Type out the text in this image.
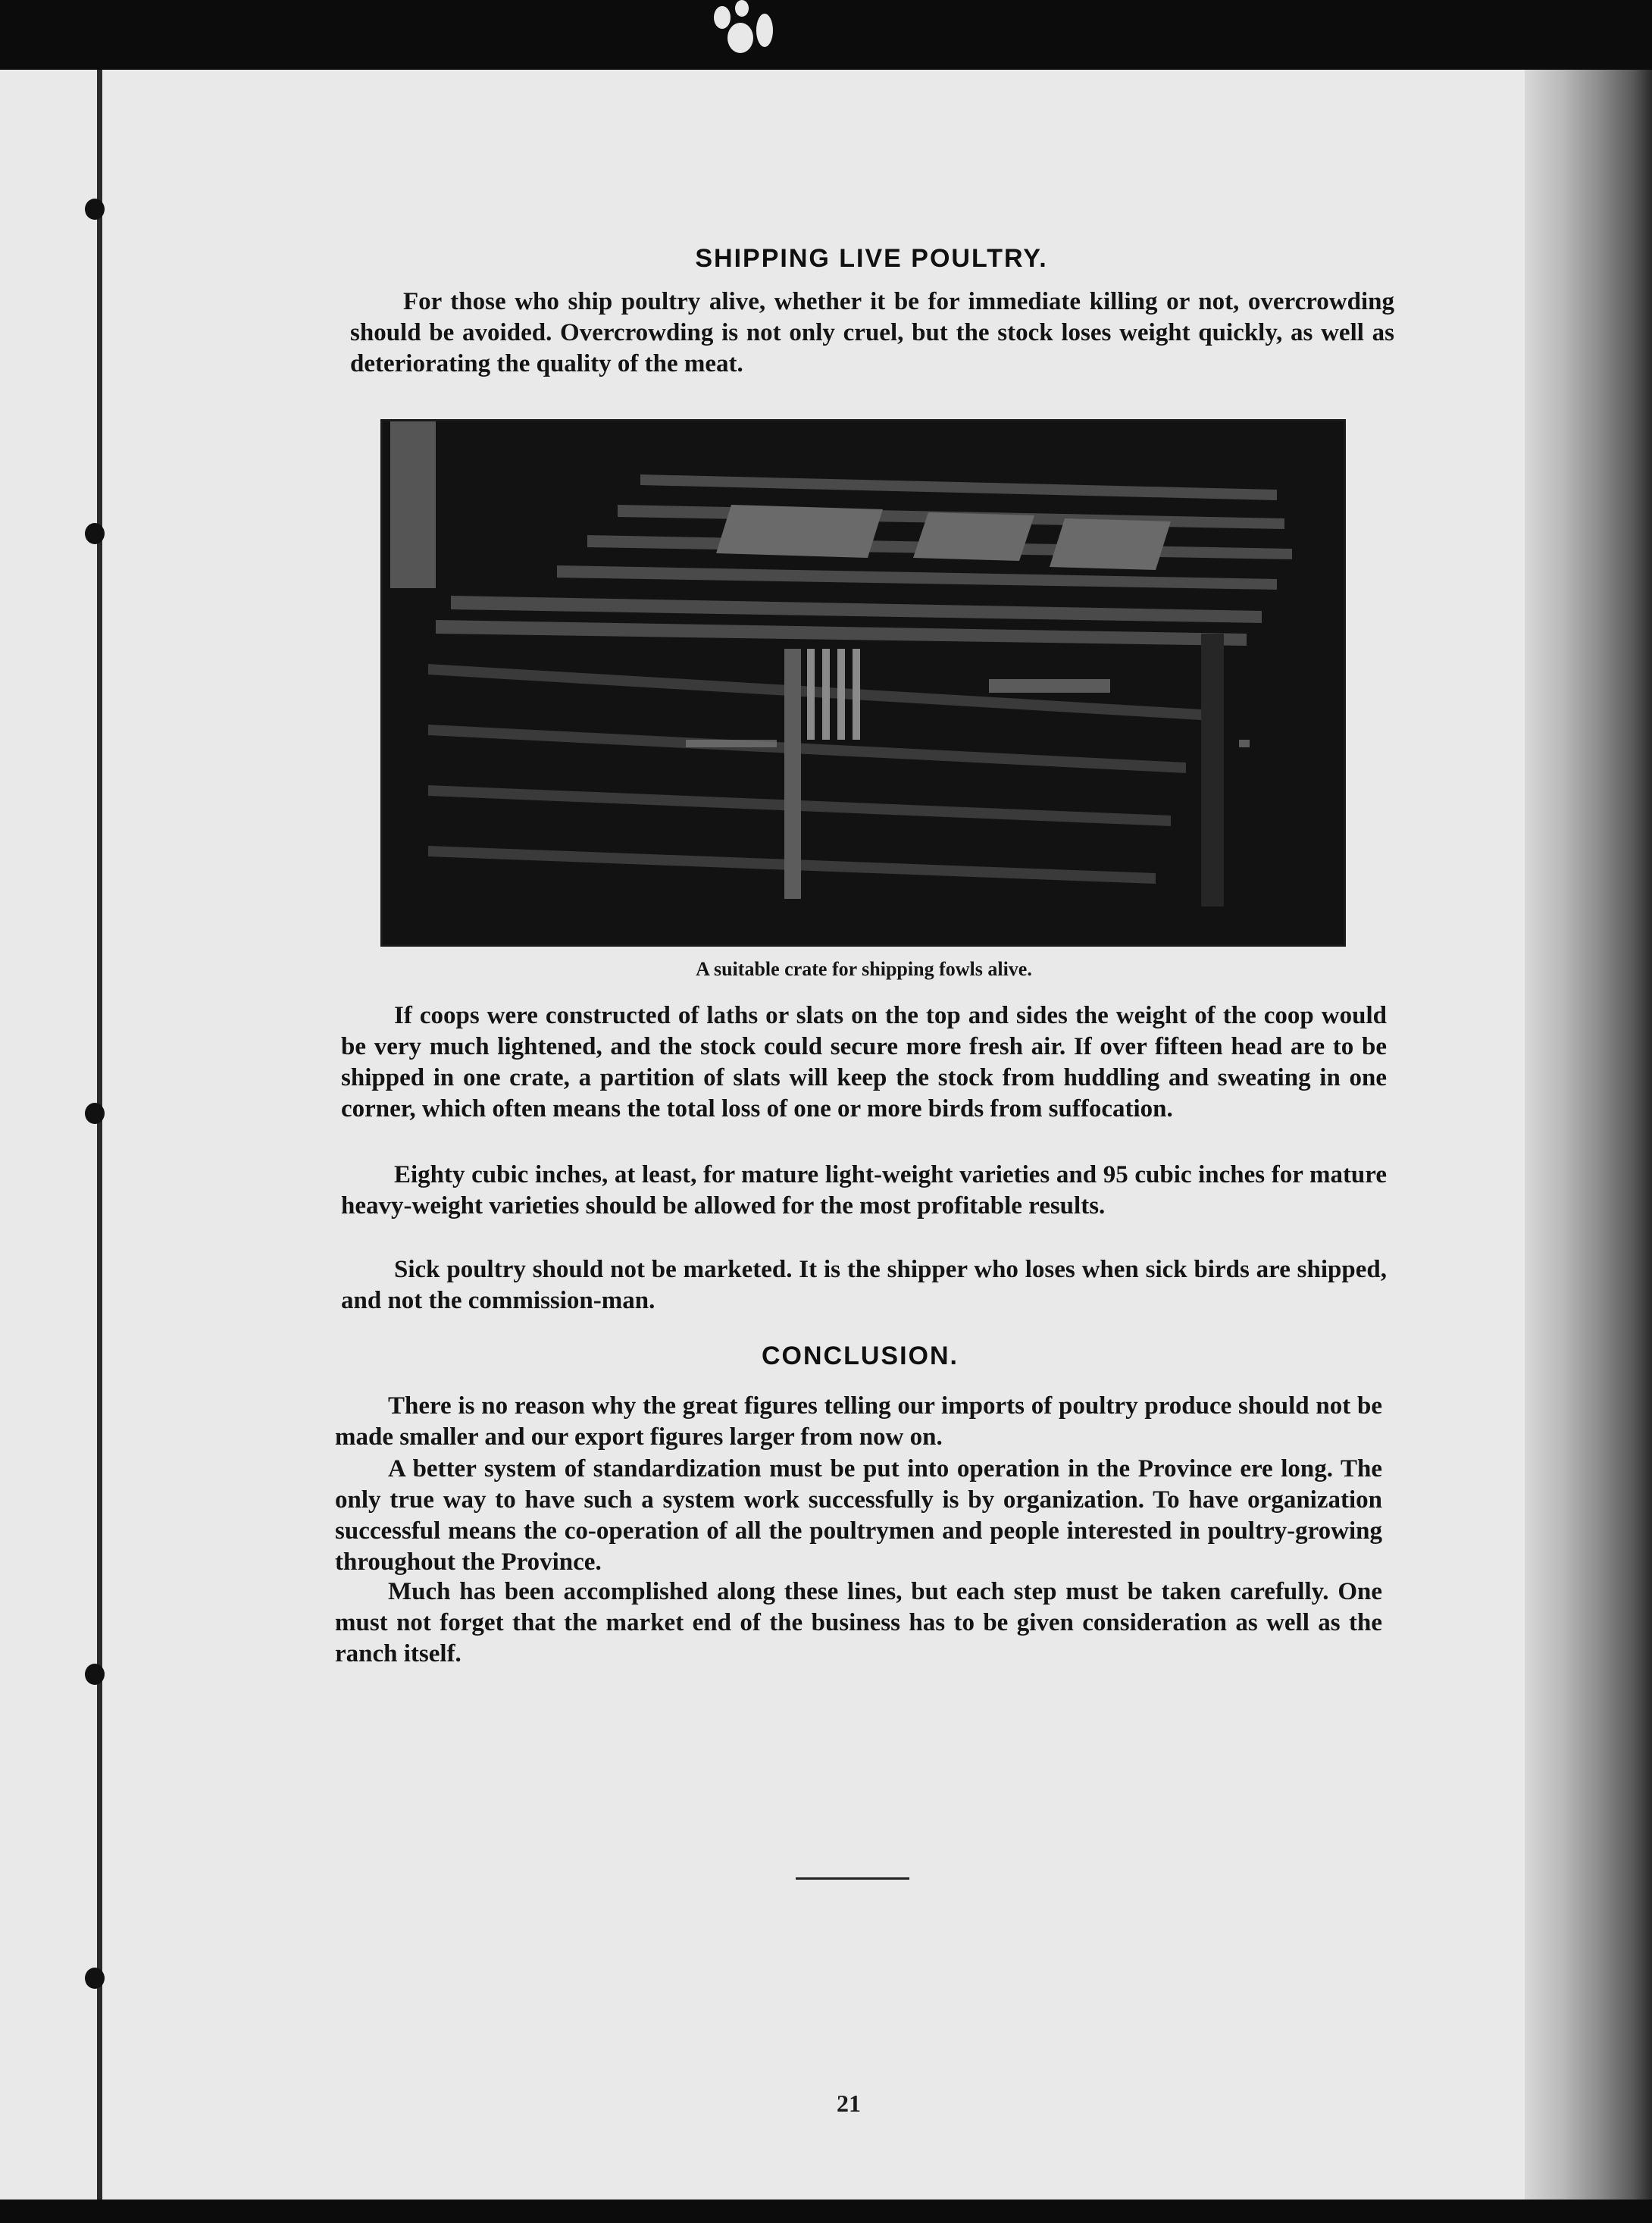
SHIPPING LIVE POULTRY.

For those who ship poultry alive, whether it be for immediate killing or not, overcrowding should be avoided. Overcrowding is not only cruel, but the stock loses weight quickly, as well as deteriorating the quality of the meat.

A suitable crate for shipping fowls alive.

If coops were constructed of laths or slats on the top and sides the weight of the coop would be very much lightened, and the stock could secure more fresh air. If over fifteen head are to be shipped in one crate, a partition of slats will keep the stock from huddling and sweating in one corner, which often means the total loss of one or more birds from suffocation.

Eighty cubic inches, at least, for mature light-weight varieties and 95 cubic inches for mature heavy-weight varieties should be allowed for the most profitable results.

Sick poultry should not be marketed. It is the shipper who loses when sick birds are shipped, and not the commission-man.

CONCLUSION.

There is no reason why the great figures telling our imports of poultry produce should not be made smaller and our export figures larger from now on.

A better system of standardization must be put into operation in the Province ere long. The only true way to have such a system work successfully is by organization. To have organization successful means the co-operation of all the poultrymen and people interested in poultry-growing throughout the Province.

Much has been accomplished along these lines, but each step must be taken carefully. One must not forget that the market end of the business has to be given consideration as well as the ranch itself.

21
